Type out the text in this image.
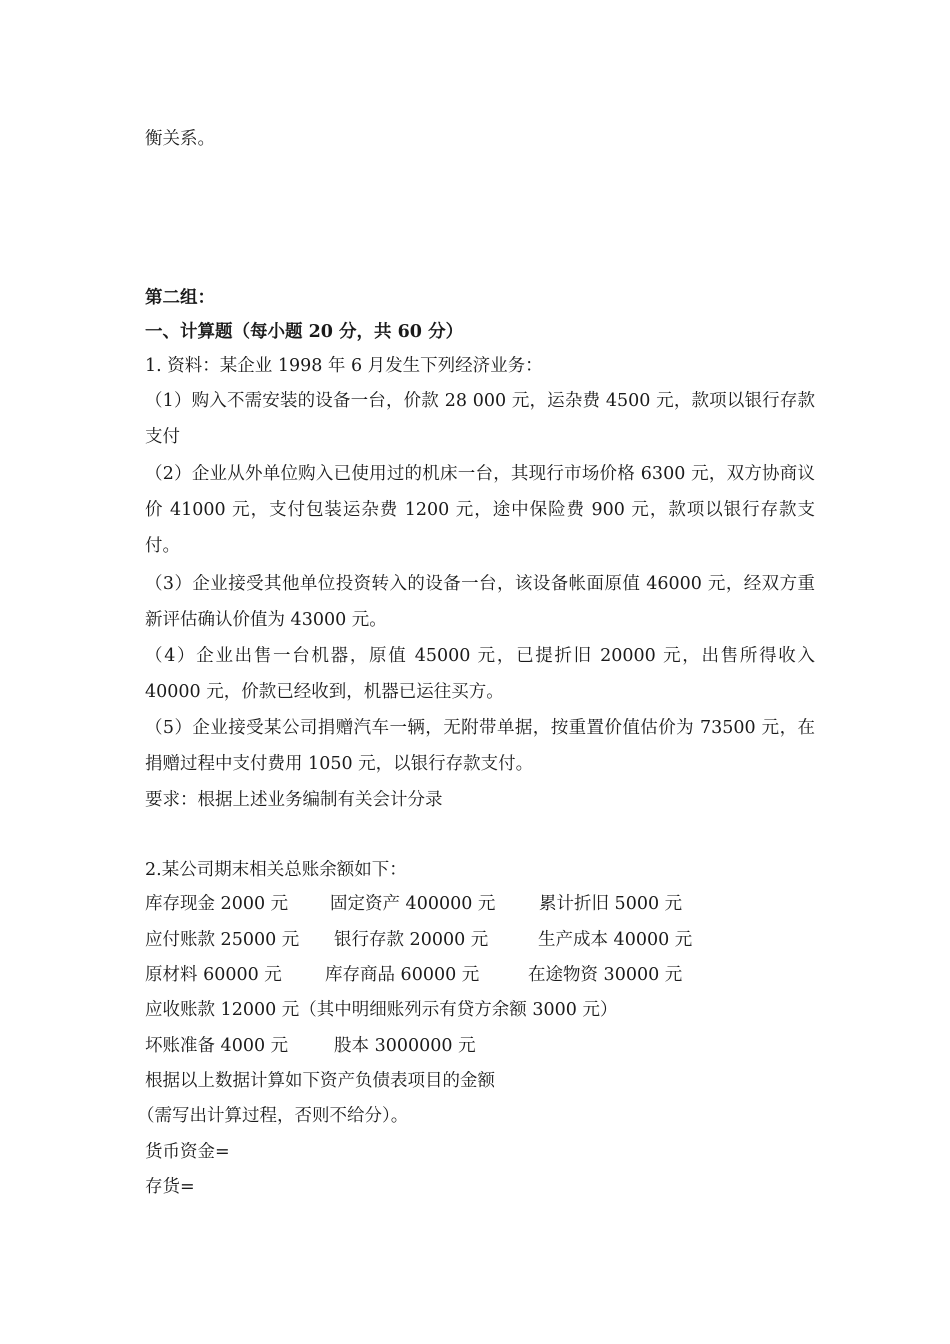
衡关系。
第二组：
一、计算题（每小题 20 分，共 60 分）
1. 资料：某企业 1998 年 6 月发生下列经济业务：
（1）购入不需安装的设备一台，价款 28 000 元，运杂费 4500 元，款项以银行存款支付
（2）企业从外单位购入已使用过的机床一台，其现行市场价格 6300 元，双方协商议价 41000 元，支付包装运杂费 1200 元，途中保险费 900 元，款项以银行存款支付。
（3）企业接受其他单位投资转入的设备一台，该设备帐面原值 46000 元，经双方重新评估确认价值为 43000 元。
（4）企业出售一台机器，原值 45000 元，已提折旧 20000 元，出售所得收入 40000 元，价款已经收到，机器已运往买方。
（5）企业接受某公司捐赠汽车一辆，无附带单据，按重置价值估价为 73500 元，在捐赠过程中支付费用 1050 元，以银行存款支付。
要求：根据上述业务编制有关会计分录
2.某公司期末相关总账余额如下：
库存现金 2000 元 固定资产 400000 元 累计折旧 5000 元
应付账款 25000 元 银行存款 20000 元	生产成本 40000 元
原材料 60000 元 库存商品 60000 元	在途物资 30000 元
应收账款 12000 元（其中明细账列示有贷方余额 3000 元）
坏账准备 4000 元	股本 3000000 元
根据以上数据计算如下资产负债表项目的金额
（需写出计算过程，否则不给分）。
货币资金=
存货=
